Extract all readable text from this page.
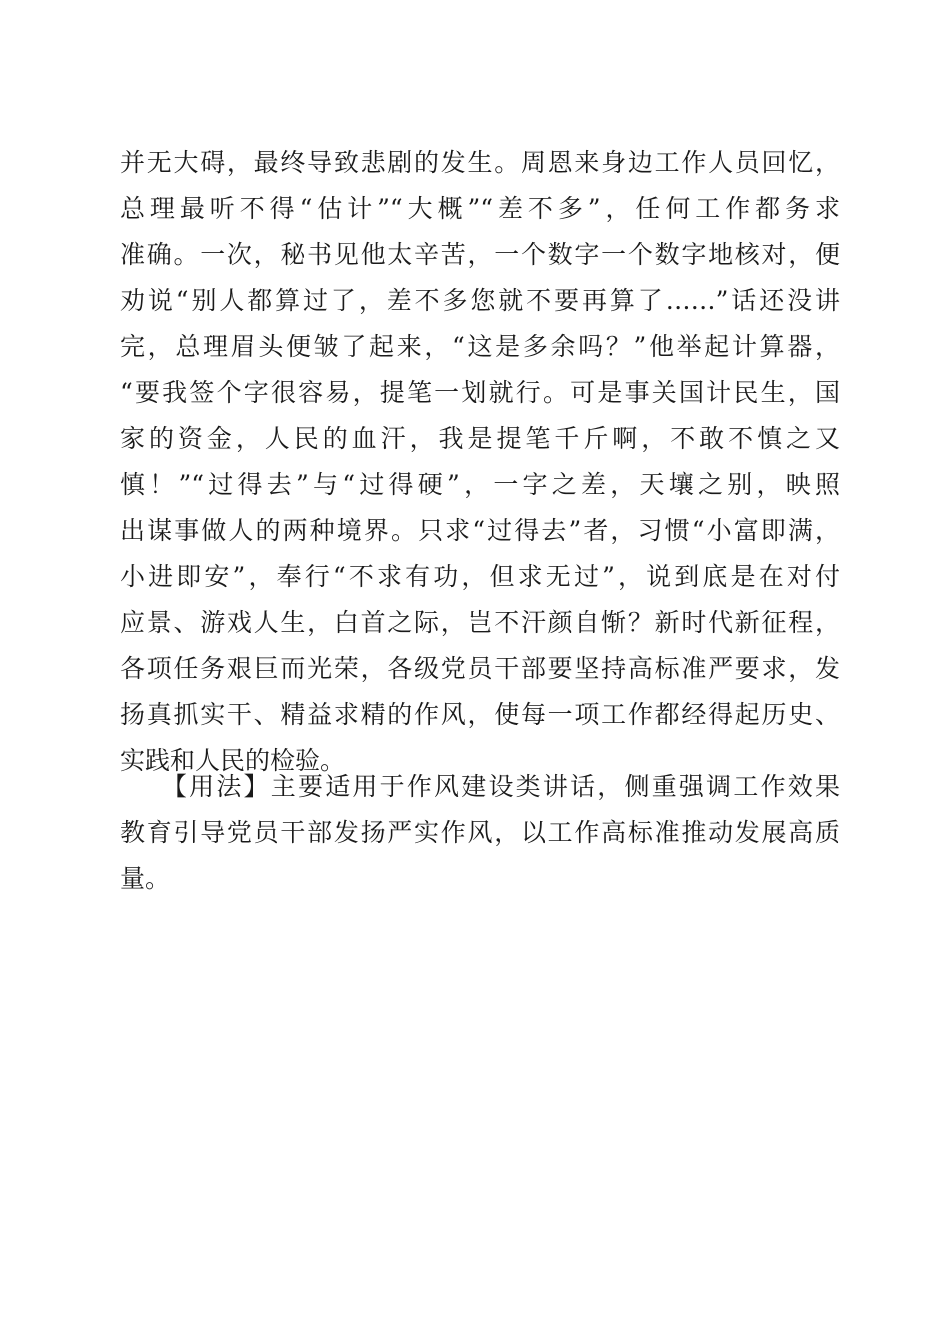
并无大碍，最终导致悲剧的发生。周恩来身边工作人员回忆，
总理最听不得“估计”“大概”“差不多”，任何工作都务求
准确。一次，秘书见他太辛苦，一个数字一个数字地核对，便
劝说“别人都算过了，差不多您就不要再算了……”话还没讲
完，总理眉头便皱了起来，“这是多余吗？”他举起计算器，
“要我签个字很容易，提笔一划就行。可是事关国计民生，国
家的资金，人民的血汗，我是提笔千斤啊，不敢不慎之又
慎！”“过得去”与“过得硬”，一字之差，天壤之别，映照
出谋事做人的两种境界。只求“过得去”者，习惯“小富即满，
小进即安”，奉行“不求有功，但求无过”，说到底是在对付
应景、游戏人生，白首之际，岂不汗颜自惭？新时代新征程，
各项任务艰巨而光荣，各级党员干部要坚持高标准严要求，发
扬真抓实干、精益求精的作风，使每一项工作都经得起历史、
实践和人民的检验。
　　【用法】主要适用于作风建设类讲话，侧重强调工作效果
教育引导党员干部发扬严实作风，以工作高标准推动发展高质
量。
